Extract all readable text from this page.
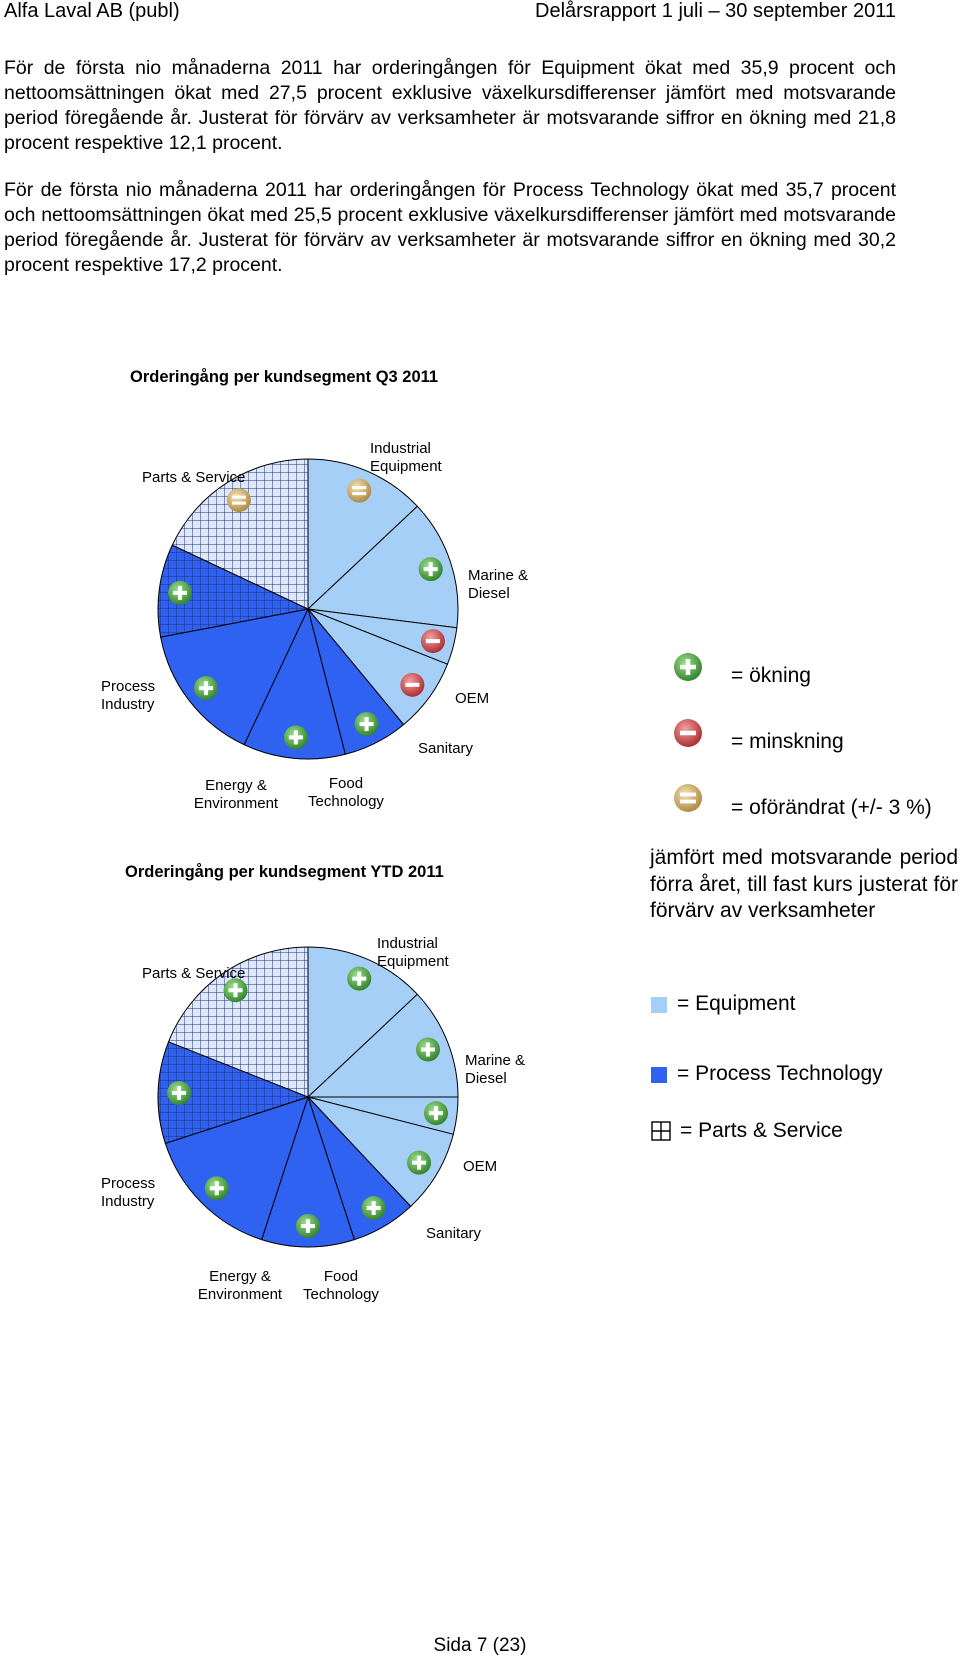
Alfa Laval AB (publ)	Delårsrapport 1 juli – 30 september 2011

För de första nio månaderna 2011 har orderingången för Equipment ökat med 35,9 procent och nettoomsättningen ökat med 27,5 procent exklusive växelkursdifferenser jämfört med motsvarande period föregående år. Justerat för förvärv av verksamheter är motsvarande siffror en ökning med 21,8 procent respektive 12,1 procent.

För de första nio månaderna 2011 har orderingången för Process Technology ökat med 35,7 procent och nettoomsättningen ökat med 25,5 procent exklusive växelkursdifferenser jämfört med motsvarande period föregående år. Justerat för förvärv av verksamheter är motsvarande siffror en ökning med 30,2 procent respektive 17,2 procent.

Orderingång per kundsegment Q3 2011
Orderingång per kundsegment YTD 2011
Parts & Service
Industrial Equipment
Marine & Diesel
Process Industry	OEM
Sanitary
Energy & Environment
Food Technology
Parts & Service
Industrial Equipment
Marine & Diesel
Process Industry
OEM
Sanitary
Energy & Environment
Food Technology
= ökning
= minskning
= oförändrat (+/- 3 %)

jämfört med motsvarande period förra året, till fast kurs justerat för förvärv av verksamheter

= Equipment
= Process Technology
= Parts & Service
Sida 7 (23)
